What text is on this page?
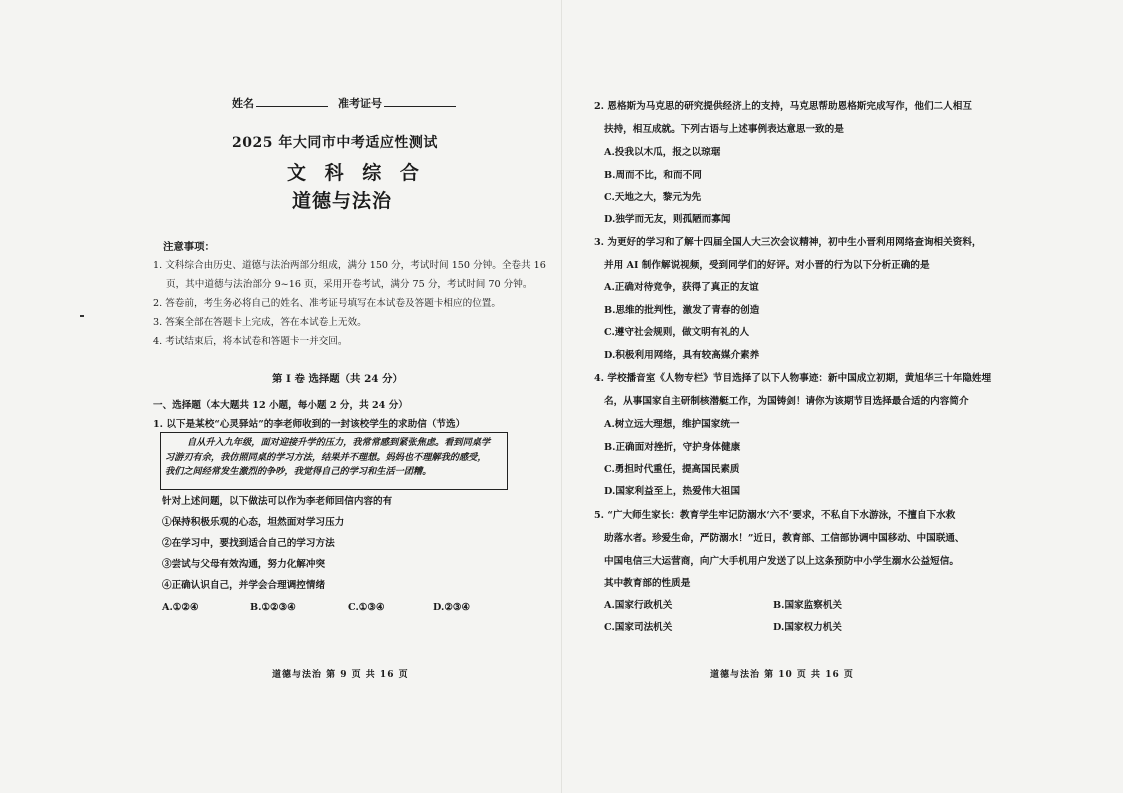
姓名	准考证号
2025 年大同市中考适应性测试
文 科 综 合
道德与法治
注意事项：
1. 文科综合由历史、道德与法治两部分组成，满分 150 分，考试时间 150 分钟。全卷共 16
页，其中道德与法治部分 9~16 页，采用开卷考试，满分 75 分，考试时间 70 分钟。
2. 答卷前，考生务必将自己的姓名、准考证号填写在本试卷及答题卡相应的位置。
3. 答案全部在答题卡上完成，答在本试卷上无效。
4. 考试结束后，将本试卷和答题卡一并交回。
第 Ⅰ 卷 选择题（共 24 分）
一、选择题（本大题共 12 小题，每小题 2 分，共 24 分）
1. 以下是某校“心灵驿站”的李老师收到的一封该校学生的求助信（节选）

自从升入九年级，面对迎接升学的压力，我常常感到紧张焦虑。看到同桌学

习游刃有余，我仿照同桌的学习方法，结果并不理想。妈妈也不理解我的感受，

我们之间经常发生激烈的争吵，我觉得自己的学习和生活一团糟。

针对上述问题，以下做法可以作为李老师回信内容的有
①保持积极乐观的心态，坦然面对学习压力
②在学习中，要找到适合自己的学习方法
③尝试与父母有效沟通，努力化解冲突
④正确认识自己，并学会合理调控情绪
A.①②④	B.①②③④	C.①③④	D.②③④
道德与法治 第 9 页 共 16 页
2. 恩格斯为马克思的研究提供经济上的支持，马克思帮助恩格斯完成写作，他们二人相互
扶持，相互成就。下列古语与上述事例表达意思一致的是
A.投我以木瓜，报之以琼琚
B.周而不比，和而不同
C.天地之大，黎元为先
D.独学而无友，则孤陋而寡闻
3. 为更好的学习和了解十四届全国人大三次会议精神，初中生小晋利用网络查询相关资料，
并用 AI 制作解说视频，受到同学们的好评。对小晋的行为以下分析正确的是
A.正确对待竞争，获得了真正的友谊
B.思维的批判性，激发了青春的创造
C.遵守社会规则，做文明有礼的人
D.积极利用网络，具有较高媒介素养
4. 学校播音室《人物专栏》节目选择了以下人物事迹：新中国成立初期，黄旭华三十年隐姓埋
名，从事国家自主研制核潜艇工作，为国铸剑！请你为该期节目选择最合适的内容简介
A.树立远大理想，维护国家统一
B.正确面对挫折，守护身体健康
C.勇担时代重任，提高国民素质
D.国家利益至上，热爱伟大祖国
5. “广大师生家长：教育学生牢记防溺水‘六不’要求，不私自下水游泳，不擅自下水救
助落水者。珍爱生命，严防溺水！”近日，教育部、工信部协调中国移动、中国联通、
中国电信三大运营商，向广大手机用户发送了以上这条预防中小学生溺水公益短信。
其中教育部的性质是
A.国家行政机关	B.国家监察机关
C.国家司法机关	D.国家权力机关
道德与法治 第 10 页 共 16 页
